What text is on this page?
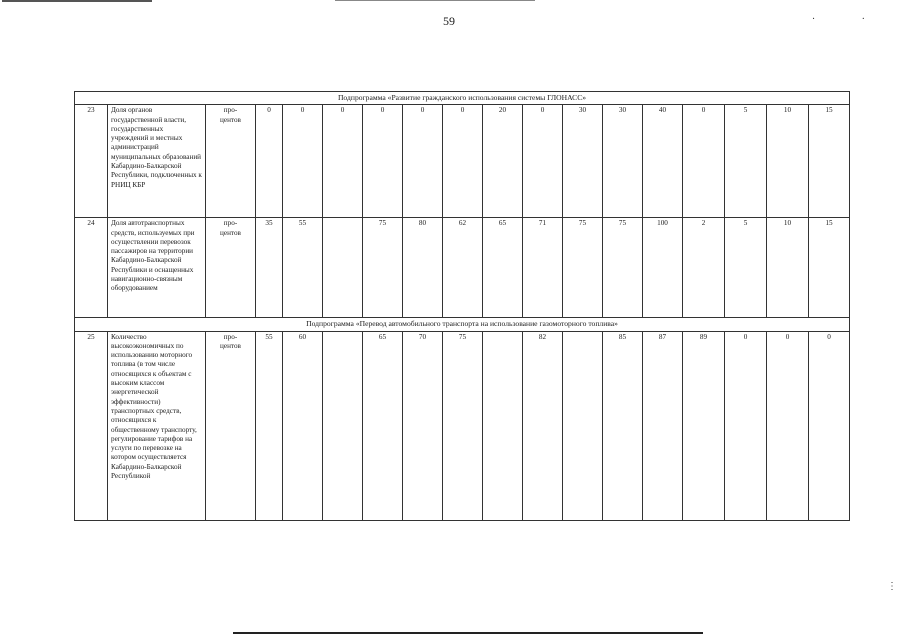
59	· ·
⋮
Подпрограмма «Развитие гражданского использования системы ГЛОНАСС»																	
23	Доля органов государственной власти, государственных учреждений и местных администраций муниципальных образований Кабардино-Балкарской Республики, подключенных к РНИЦ КБР	про-
центов	0	0	0	0	0	0	20	0	30	30	40	0	5	10	15
24	Доля автотранспортных средств, используемых при осуществлении перевозок пассажиров на территории Кабардино-Балкарской Республики и оснащенных навигационно-связным оборудованием	про-
центов	35	55		75	80	62	65	71	75	75	100	2	5	10	15
Подпрограмма «Перевод автомобильного транспорта на использование газомоторного топлива»																	
25	Количество высокоэкономичных по использованию моторного топлива (в том числе относящихся к объектам с высоким классом энергетической эффективности) транспортных средств, относящихся к общественному транспорту, регулирование тарифов на услуги по перевозке на котором осуществляется Кабардино-Балкарской Республикой	про-
центов	55	60		65	70	75		82		85	87	89	0	0	0
